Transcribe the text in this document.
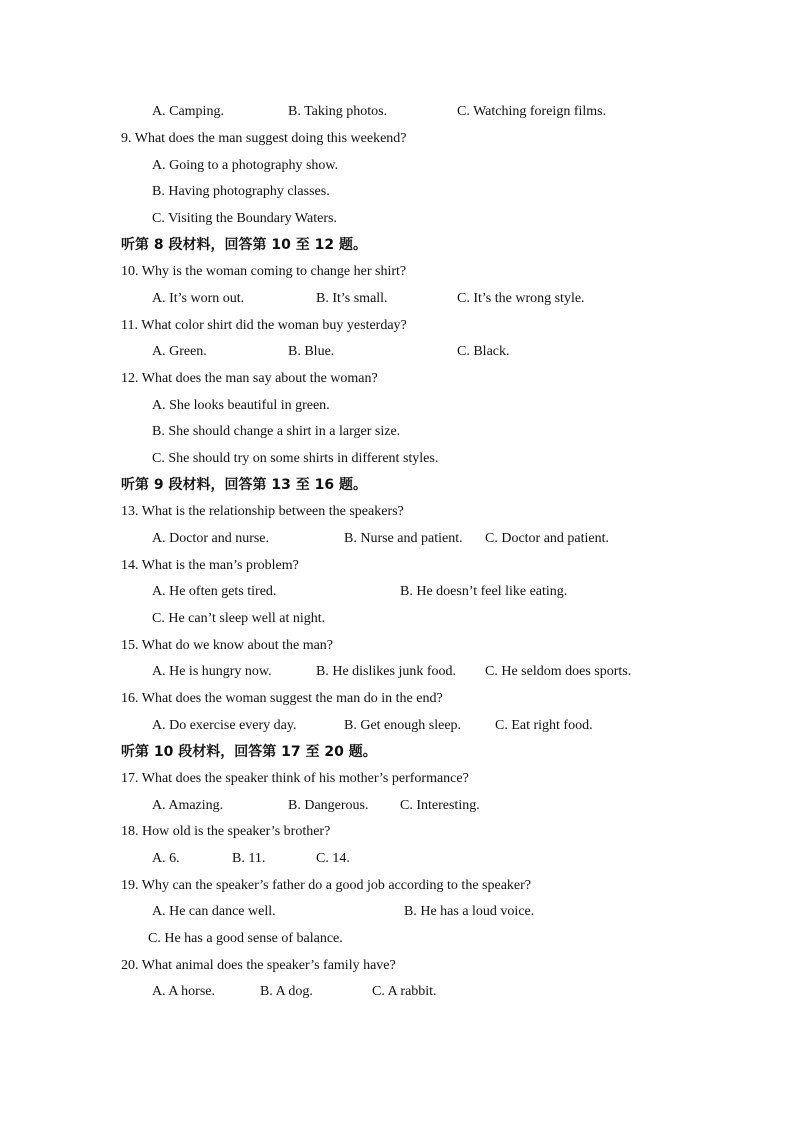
A. Camping.	B. Taking photos.	C. Watching foreign films.
9. What does the man suggest doing this weekend?
A. Going to a photography show.
B. Having photography classes.
C. Visiting the Boundary Waters.
听第 8 段材料，回答第 10 至 12 题。
10. Why is the woman coming to change her shirt?
A. It’s worn out.	B. It’s small.	C. It’s the wrong style.
11. What color shirt did the woman buy yesterday?
A. Green.	B. Blue.	C. Black.
12. What does the man say about the woman?
A. She looks beautiful in green.
B. She should change a shirt in a larger size.
C. She should try on some shirts in different styles.
听第 9 段材料，回答第 13 至 16 题。
13. What is the relationship between the speakers?
A. Doctor and nurse.	B. Nurse and patient. C. Doctor and patient.
14. What is the man’s problem?
A. He often gets tired.	B. He doesn’t feel like eating.
C. He can’t sleep well at night.
15. What do we know about the man?
A. He is hungry now.	B. He dislikes junk food. C. He seldom does sports.
16. What does the woman suggest the man do in the end?
A. Do exercise every day.	B. Get enough sleep. C. Eat right food.
听第 10 段材料，回答第 17 至 20 题。
17. What does the speaker think of his mother’s performance?
A. Amazing.	B. Dangerous. C. Interesting.
18. How old is the speaker’s brother?
A. 6.	B. 11.	C. 14.
19. Why can the speaker’s father do a good job according to the speaker?
A. He can dance well.	B. He has a loud voice.
C. He has a good sense of balance.
20. What animal does the speaker’s family have?
A. A horse.	B. A dog.	C. A rabbit.
